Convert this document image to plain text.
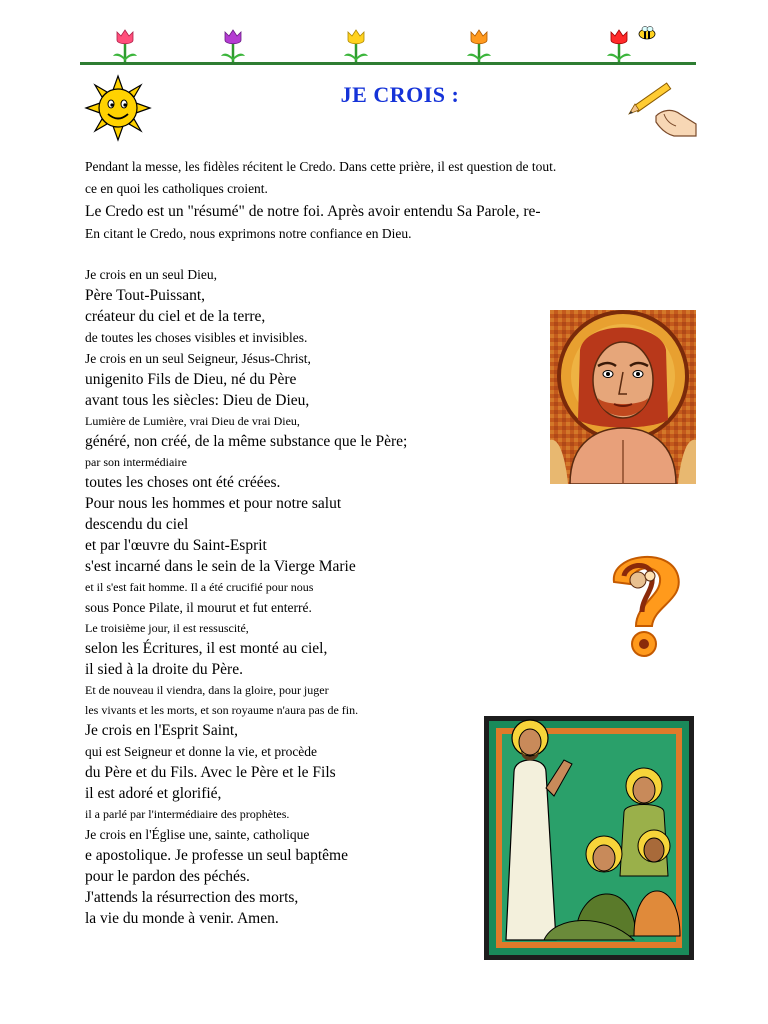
JE CROIS :
Pendant la messe, les fidèles récitent le Credo. Dans cette prière, il est question de tout.
ce en quoi les catholiques croient.
Le Credo est un "résumé" de notre foi. Après avoir entendu Sa Parole, re-
En citant le Credo, nous exprimons notre confiance en Dieu.
Je crois en un seul Dieu,
Père Tout-Puissant,
créateur du ciel et de la terre,
de toutes les choses visibles et invisibles.
Je crois en un seul Seigneur, Jésus-Christ,
unigenito Fils de Dieu, né du Père
avant tous les siècles: Dieu de Dieu,
Lumière de Lumière, vrai Dieu de vrai Dieu,
généré, non créé, de la même substance que le Père;
par son intermédiaire
toutes les choses ont été créées.
Pour nous les hommes et pour notre salut
descendu du ciel
et par l'œuvre du Saint-Esprit
s'est incarné dans le sein de la Vierge Marie
et il s'est fait homme. Il a été crucifié pour nous
sous Ponce Pilate, il mourut et fut enterré.
Le troisième jour, il est ressuscité,
selon les Écritures, il est monté au ciel,
il sied à la droite du Père.
Et de nouveau il viendra, dans la gloire, pour juger
les vivants et les morts, et son royaume n'aura pas de fin.
Je crois en l'Esprit Saint,
qui est Seigneur et donne la vie, et procède
du Père et du Fils. Avec le Père et le Fils
il est adoré et glorifié,
il a parlé par l'intermédiaire des prophètes.
Je crois en l'Église une, sainte, catholique
e apostolique. Je professe un seul baptême
pour le pardon des péchés.
J'attends la résurrection des morts,
la vie du monde à venir. Amen.
